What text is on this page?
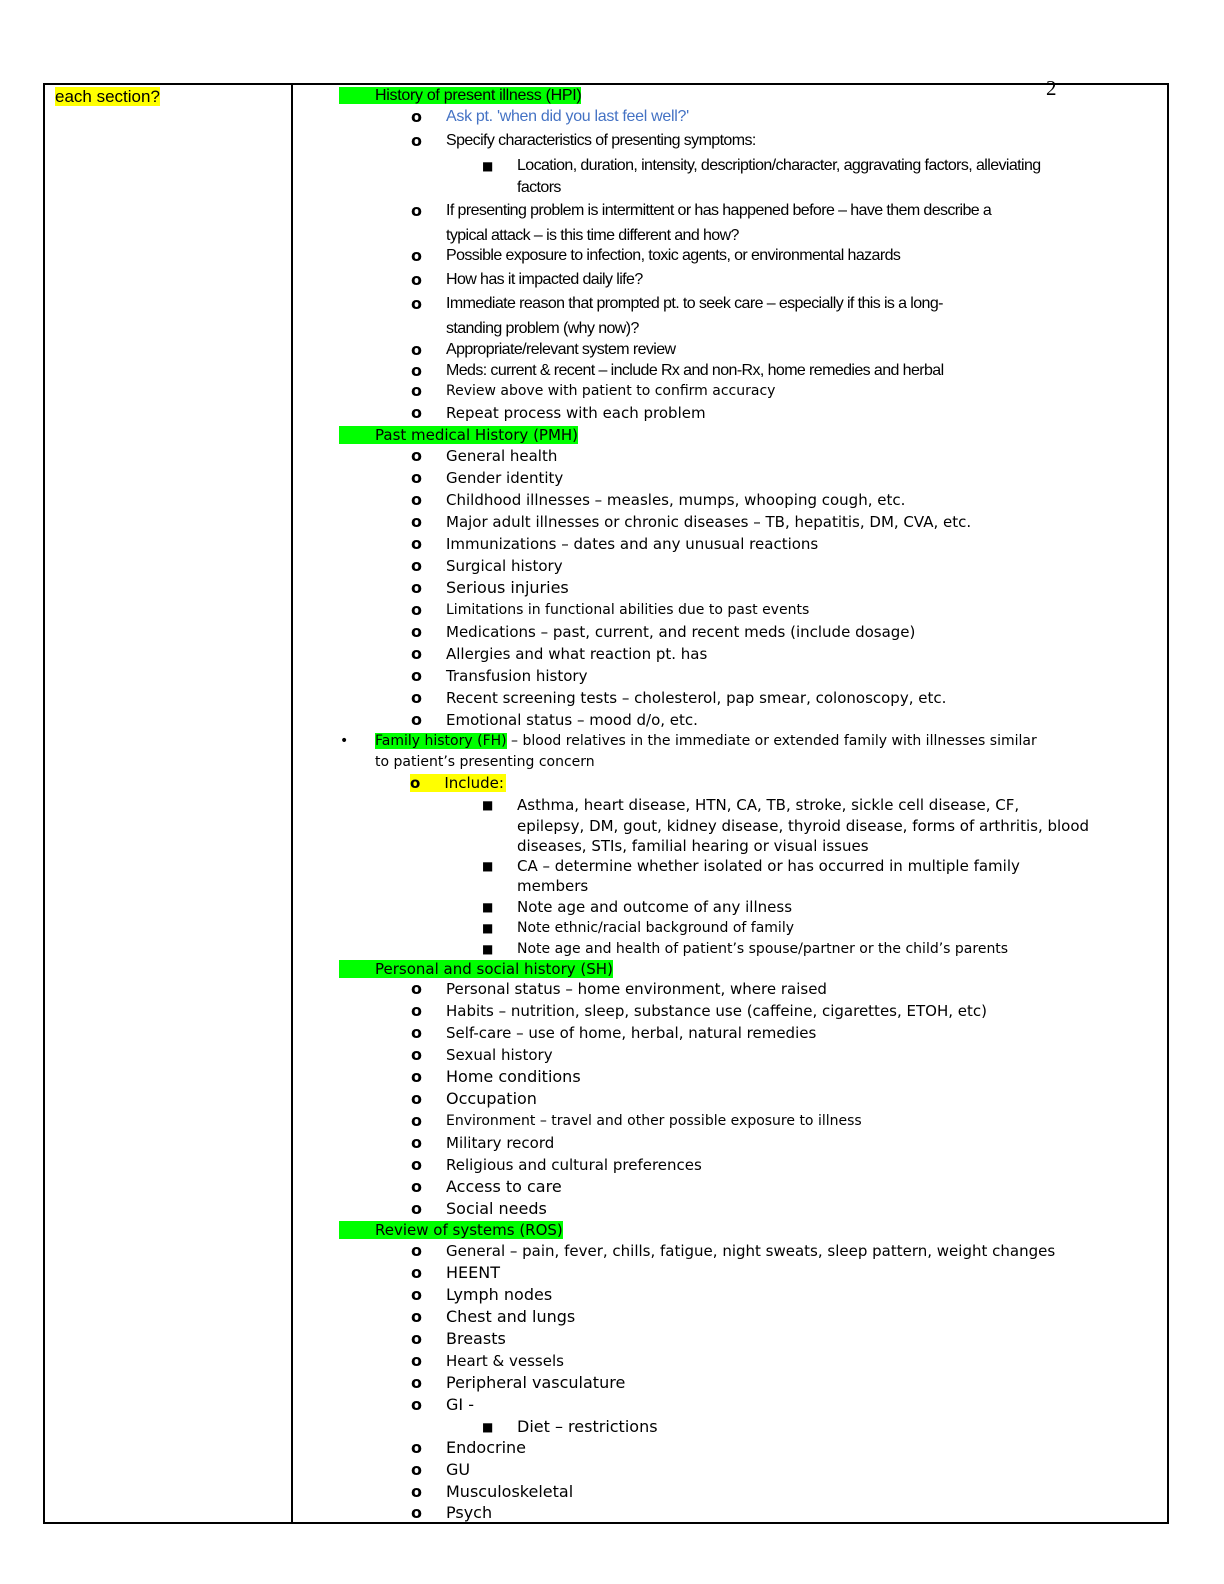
2
each section?	History of present illness (HPI)
o Ask pt. 'when did you last feel well?'
o Specify characteristics of presenting symptoms:
■ Location, duration, intensity, description/character, aggravating factors, alleviating
factors
o If presenting problem is intermittent or has happened before – have them describe a
typical attack – is this time different and how?
o Possible exposure to infection, toxic agents, or environmental hazards
o How has it impacted daily life?
o Immediate reason that prompted pt. to seek care – especially if this is a long-
standing problem (why now)?
o Appropriate/relevant system review
o Meds: current & recent – include Rx and non-Rx, home remedies and herbal
o Review above with patient to confirm accuracy
o Repeat process with each problem
Past medical History (PMH)
o General health
o Gender identity
o Childhood illnesses – measles, mumps, whooping cough, etc.
o Major adult illnesses or chronic diseases – TB, hepatitis, DM, CVA, etc.
o Immunizations – dates and any unusual reactions
o Surgical history
o Serious injuries
o Limitations in functional abilities due to past events
o Medications – past, current, and recent meds (include dosage)
o Allergies and what reaction pt. has
o Transfusion history
o Recent screening tests – cholesterol, pap smear, colonoscopy, etc.
o Emotional status – mood d/o, etc.
• Family history (FH) – blood relatives in the immediate or extended family with illnesses similar
to patient’s presenting concern
o Include:
■ Asthma, heart disease, HTN, CA, TB, stroke, sickle cell disease, CF,
epilepsy, DM, gout, kidney disease, thyroid disease, forms of arthritis, blood
diseases, STIs, familial hearing or visual issues
■ CA – determine whether isolated or has occurred in multiple family
members
■ Note age and outcome of any illness
■ Note ethnic/racial background of family
■ Note age and health of patient’s spouse/partner or the child’s parents
Personal and social history (SH)
o Personal status – home environment, where raised
o Habits – nutrition, sleep, substance use (caffeine, cigarettes, ETOH, etc)
o Self-care – use of home, herbal, natural remedies
o Sexual history
o Home conditions
o Occupation
o Environment – travel and other possible exposure to illness
o Military record
o Religious and cultural preferences
o Access to care
o Social needs
Review of systems (ROS)
o General – pain, fever, chills, fatigue, night sweats, sleep pattern, weight changes
o HEENT
o Lymph nodes
o Chest and lungs
o Breasts
o Heart & vessels
o Peripheral vasculature
o GI -
■ Diet – restrictions
o Endocrine
o GU
o Musculoskeletal
o Psych
